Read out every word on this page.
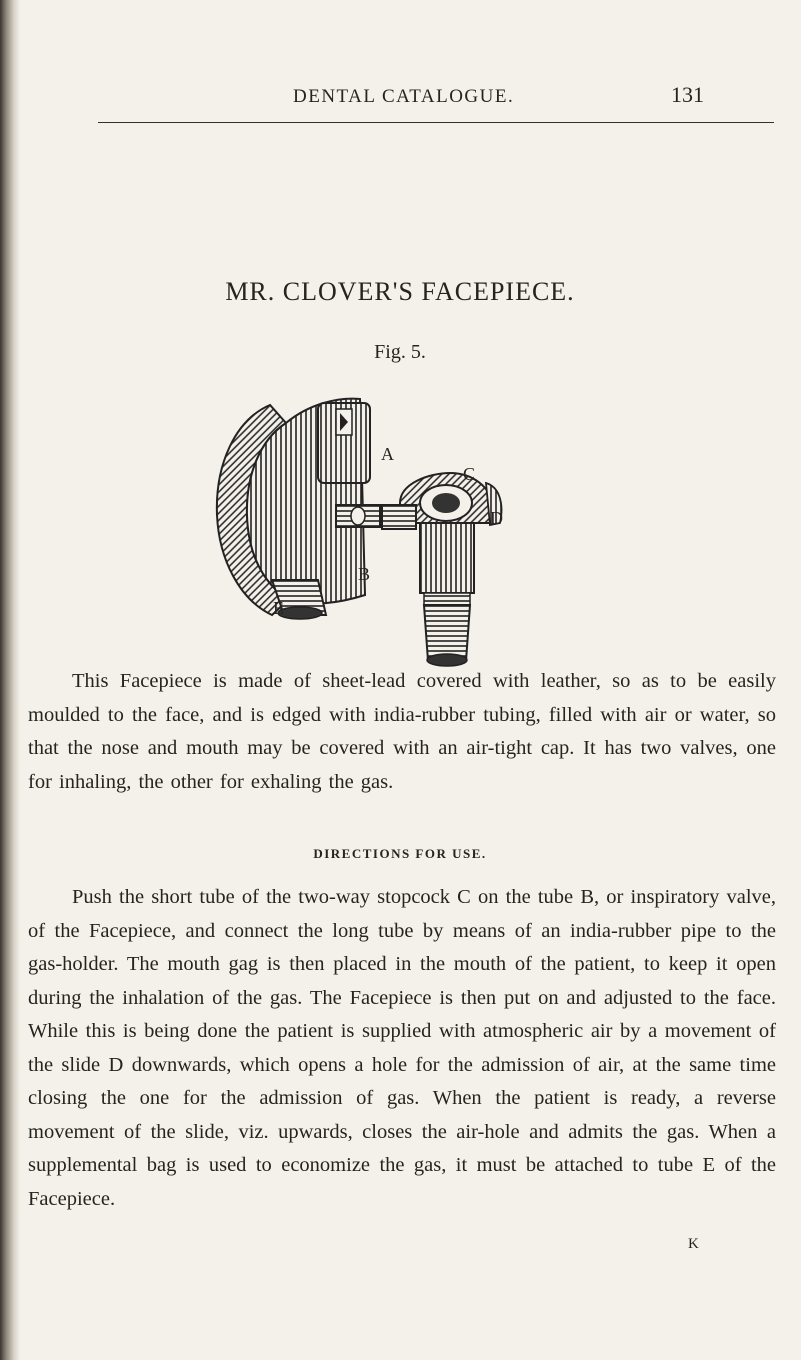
DENTAL CATALOGUE.	131
MR. CLOVER'S FACEPIECE.
Fig. 5.
A
B
C
D
E

This Facepiece is made of sheet-lead covered with leather, so as to be easily moulded to the face, and is edged with india-rubber tubing, filled with air or water, so that the nose and mouth may be covered with an air-tight cap. It has two valves, one for inhaling, the other for exhaling the gas.

DIRECTIONS FOR USE.

Push the short tube of the two-way stopcock C on the tube B, or inspiratory valve, of the Facepiece, and connect the long tube by means of an india-rubber pipe to the gas-holder. The mouth gag is then placed in the mouth of the patient, to keep it open during the inhalation of the gas. The Facepiece is then put on and adjusted to the face. While this is being done the patient is supplied with atmospheric air by a movement of the slide D downwards, which opens a hole for the admission of air, at the same time closing the one for the admission of gas. When the patient is ready, a reverse movement of the slide, viz. upwards, closes the air-hole and admits the gas. When a supplemental bag is used to economize the gas, it must be attached to tube E of the Facepiece.

K
